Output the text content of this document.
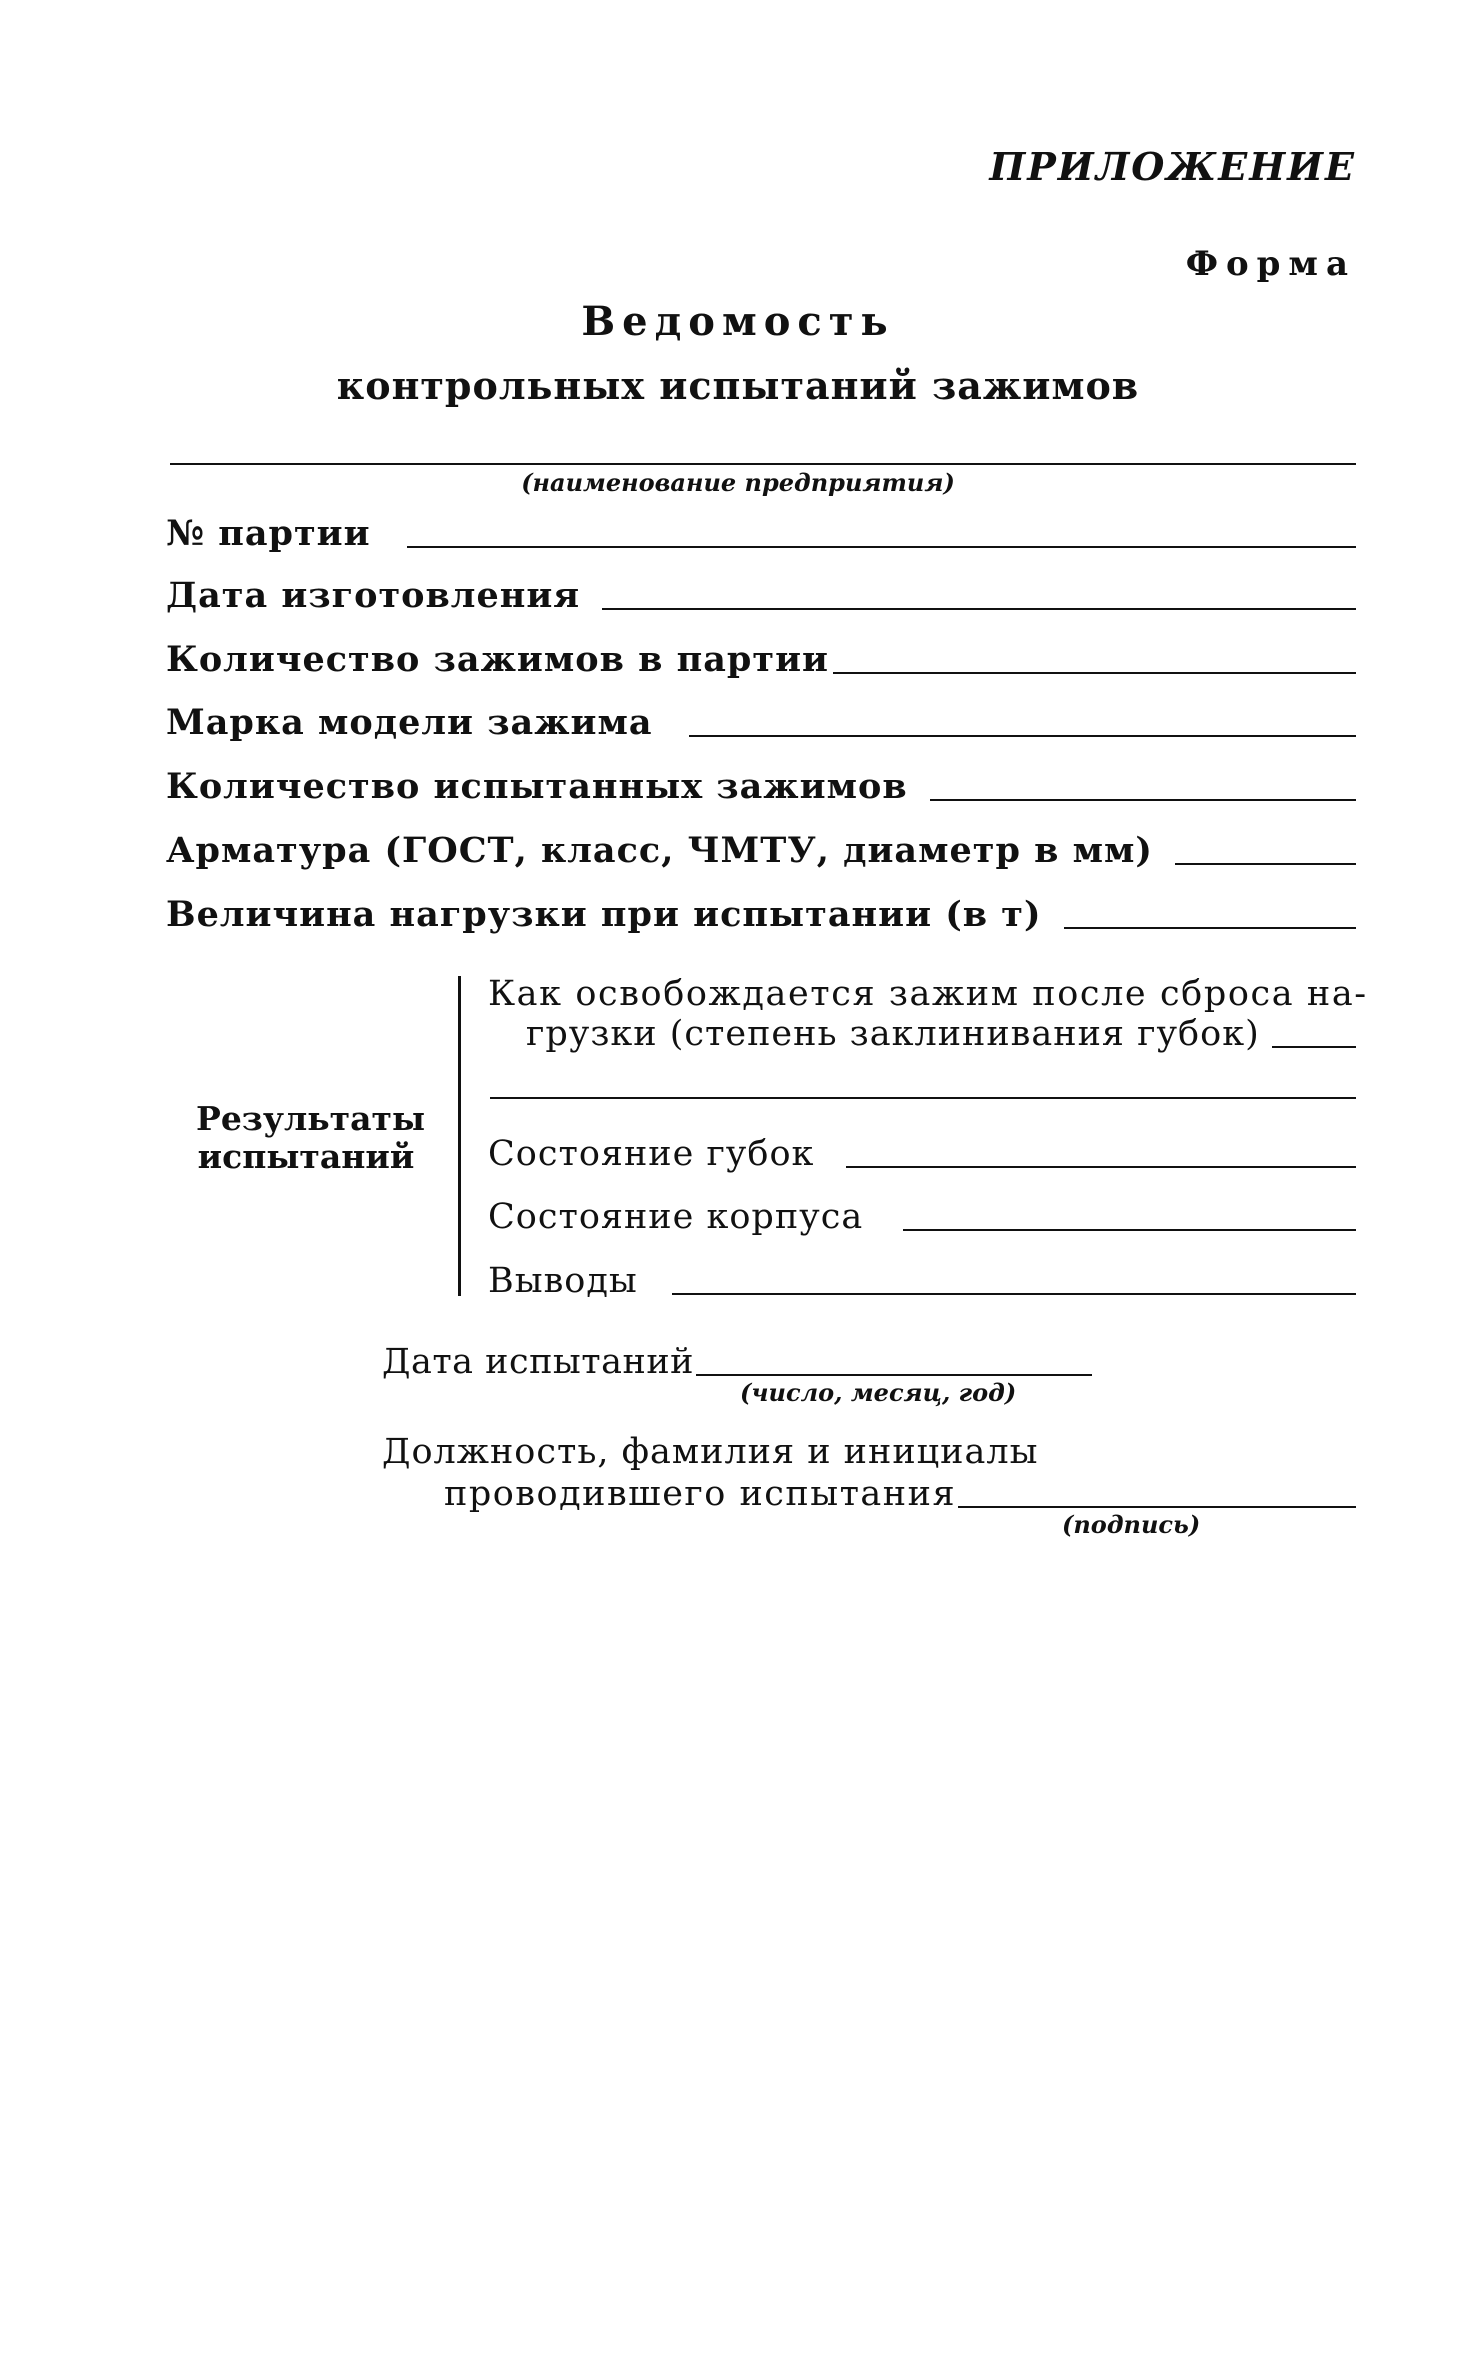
ПРИЛОЖЕНИЕ
Форма
Ведомость
контрольных испытаний зажимов
(наименование предприятия)
№ партии
Дата изготовления
Количество зажимов в партии
Марка модели зажима
Количество испытанных зажимов
Арматура (ГОСТ, класс, ЧМТУ, диаметр в мм)
Величина нагрузки при испытании (в т)
Результаты
испытаний
Как освобождается зажим после сброса на-
грузки (степень заклинивания губок)
Состояние губок
Состояние корпуса
Выводы
Дата испытаний
(число, месяц, год)
Должность, фамилия и инициалы
проводившего испытания
(подпись)
